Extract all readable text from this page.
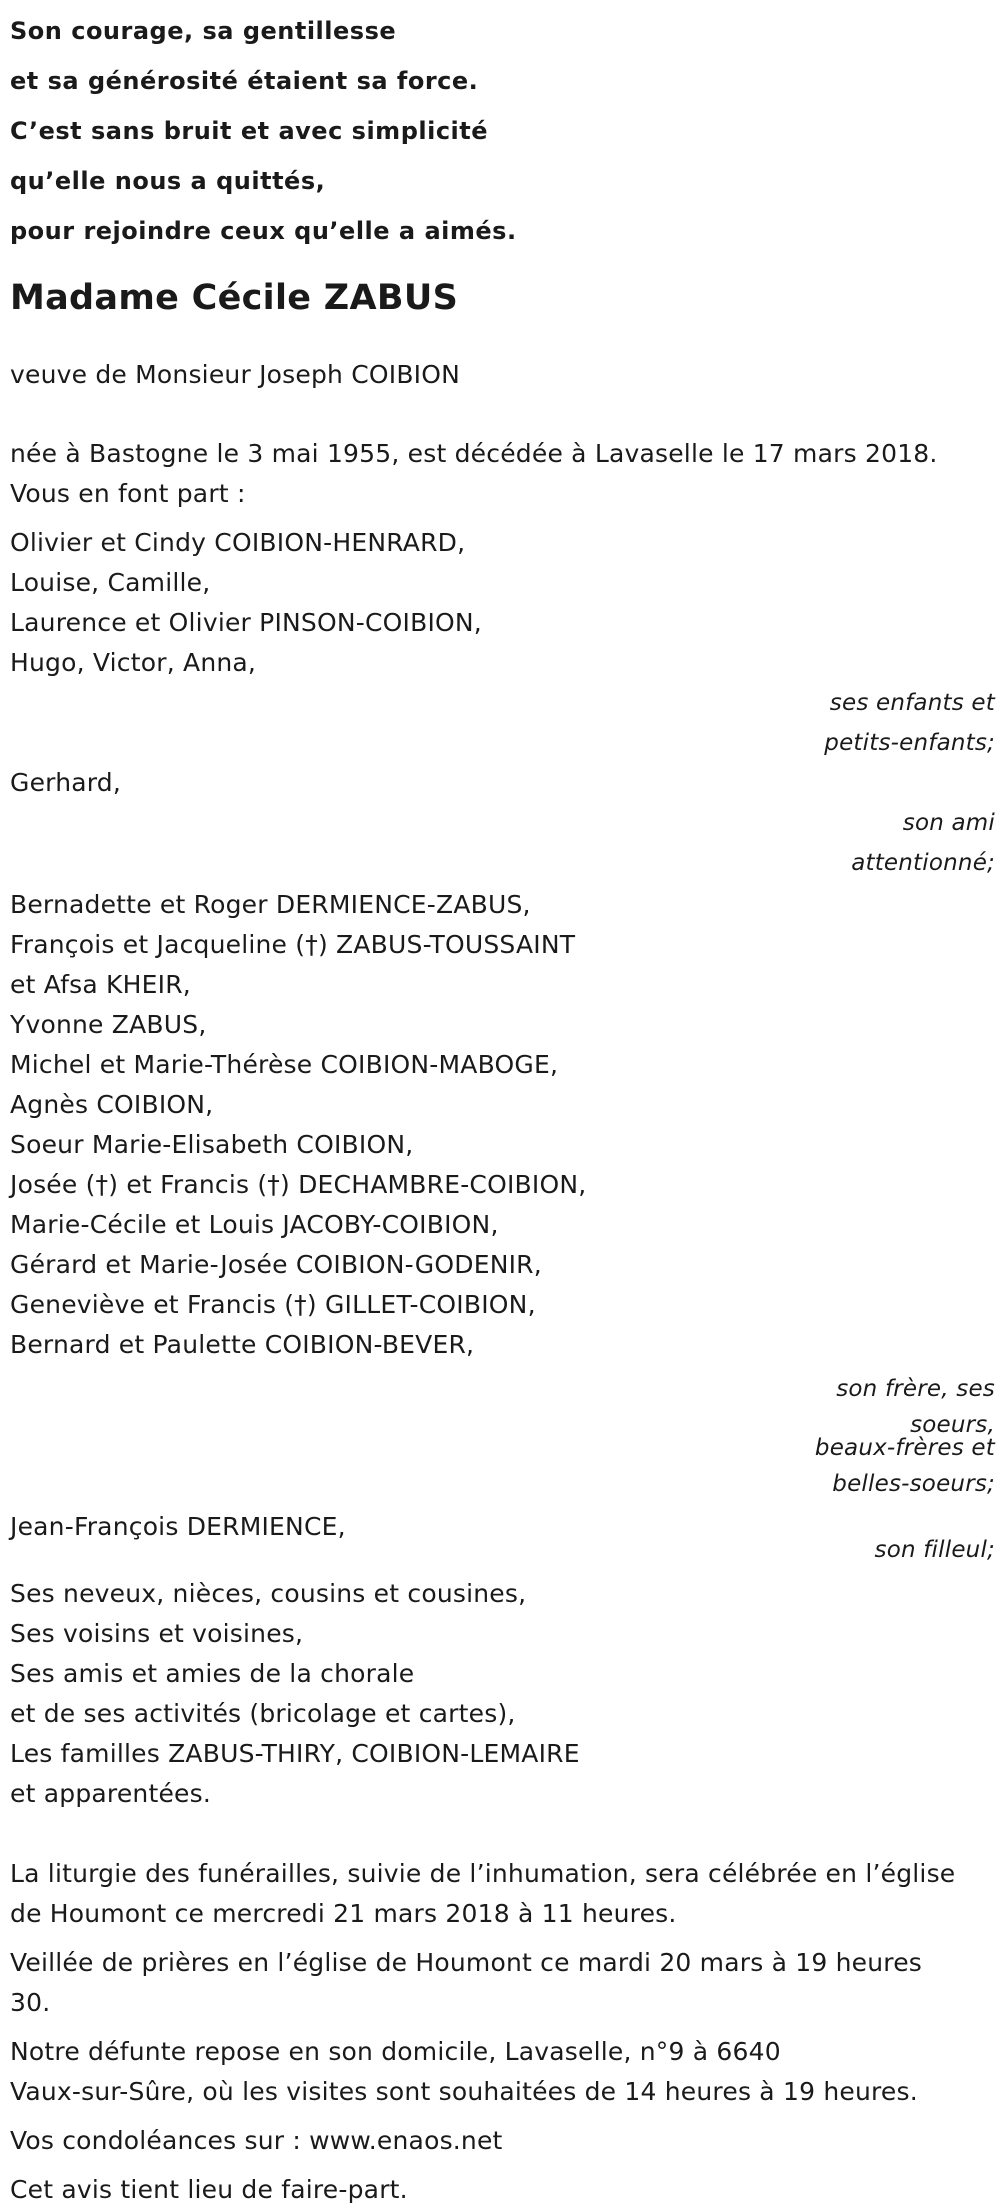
Son courage, sa gentillesse
et sa générosité étaient sa force.
C’est sans bruit et avec simplicité
qu’elle nous a quittés,
pour rejoindre ceux qu’elle a aimés.
Madame Cécile ZABUS
veuve de Monsieur Joseph COIBION
née à Bastogne le 3 mai 1955, est décédée à Lavaselle le 17 mars 2018.
Vous en font part :
Olivier et Cindy COIBION-HENRARD,
Louise, Camille,
Laurence et Olivier PINSON-COIBION,
Hugo, Victor, Anna,
ses enfants et
petits-enfants;
Gerhard,
son ami
attentionné;
Bernadette et Roger DERMIENCE-ZABUS,
François et Jacqueline (†) ZABUS-TOUSSAINT
et Afsa KHEIR,
Yvonne ZABUS,
Michel et Marie-Thérèse COIBION-MABOGE,
Agnès COIBION,
Soeur Marie-Elisabeth COIBION,
Josée (†) et Francis (†) DECHAMBRE-COIBION,
Marie-Cécile et Louis JACOBY-COIBION,
Gérard et Marie-Josée COIBION-GODENIR,
Geneviève et Francis (†) GILLET-COIBION,
Bernard et Paulette COIBION-BEVER,
son frère, ses
soeurs,
beaux-frères et
belles-soeurs;
Jean-François DERMIENCE,
son filleul;
Ses neveux, nièces, cousins et cousines,
Ses voisins et voisines,
Ses amis et amies de la chorale
et de ses activités (bricolage et cartes),
Les familles ZABUS-THIRY, COIBION-LEMAIRE
et apparentées.
La liturgie des funérailles, suivie de l’inhumation, sera célébrée en l’église
de Houmont ce mercredi 21 mars 2018 à 11 heures.
Veillée de prières en l’église de Houmont ce mardi 20 mars à 19 heures
30.
Notre défunte repose en son domicile, Lavaselle, n°9 à 6640
Vaux-sur-Sûre, où les visites sont souhaitées de 14 heures à 19 heures.
Vos condoléances sur : www.enaos.net
Cet avis tient lieu de faire-part.
